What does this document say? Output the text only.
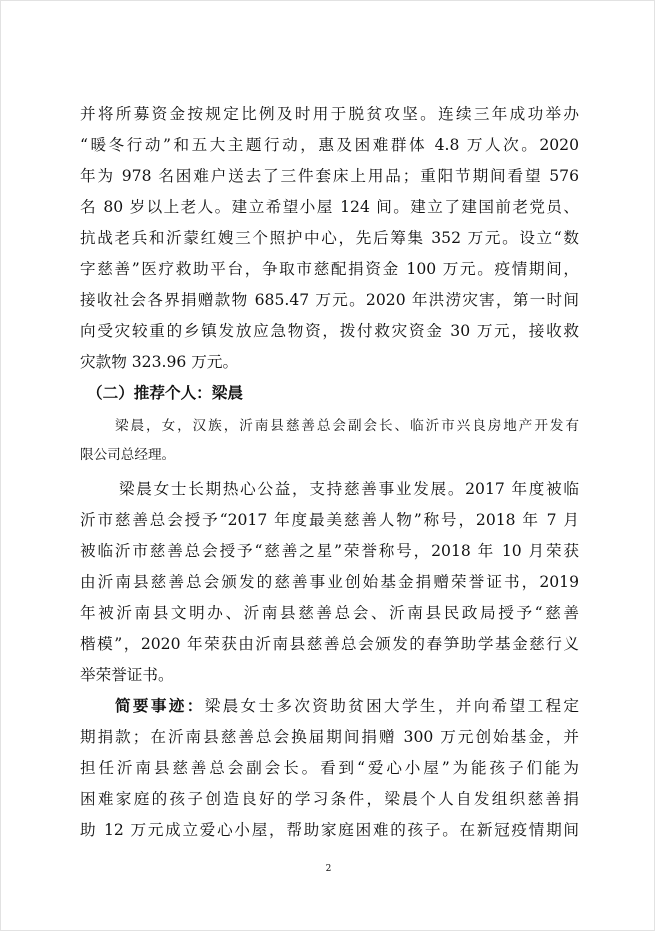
并将所募资金按规定比例及时用于脱贫攻坚。连续三年成功举办
“暖冬行动”和五大主题行动，惠及困难群体 4.8 万人次。2020
年为 978 名困难户送去了三件套床上用品；重阳节期间看望 576
名 80 岁以上老人。建立希望小屋 124 间。建立了建国前老党员、
抗战老兵和沂蒙红嫂三个照护中心，先后筹集 352 万元。设立“数
字慈善”医疗救助平台，争取市慈配捐资金 100 万元。疫情期间，
接收社会各界捐赠款物 685.47 万元。2020 年洪涝灾害，第一时间
向受灾较重的乡镇发放应急物资，拨付救灾资金 30 万元，接收救
灾款物 323.96 万元。
（二）推荐个人：梁晨
梁晨，女，汉族，沂南县慈善总会副会长、临沂市兴良房地产开发有
限公司总经理。
梁晨女士长期热心公益，支持慈善事业发展。2017 年度被临
沂市慈善总会授予“2017 年度最美慈善人物”称号，2018 年 7 月
被临沂市慈善总会授予“慈善之星”荣誉称号，2018 年 10 月荣获
由沂南县慈善总会颁发的慈善事业创始基金捐赠荣誉证书，2019
年被沂南县文明办、沂南县慈善总会、沂南县民政局授予“慈善
楷模”，2020 年荣获由沂南县慈善总会颁发的春笋助学基金慈行义
举荣誉证书。
简要事迹：梁晨女士多次资助贫困大学生，并向希望工程定
期捐款；在沂南县慈善总会换届期间捐赠 300 万元创始基金，并
担任沂南县慈善总会副会长。看到“爱心小屋”为能孩子们能为
困难家庭的孩子创造良好的学习条件，梁晨个人自发组织慈善捐
助 12 万元成立爱心小屋，帮助家庭困难的孩子。在新冠疫情期间
2
